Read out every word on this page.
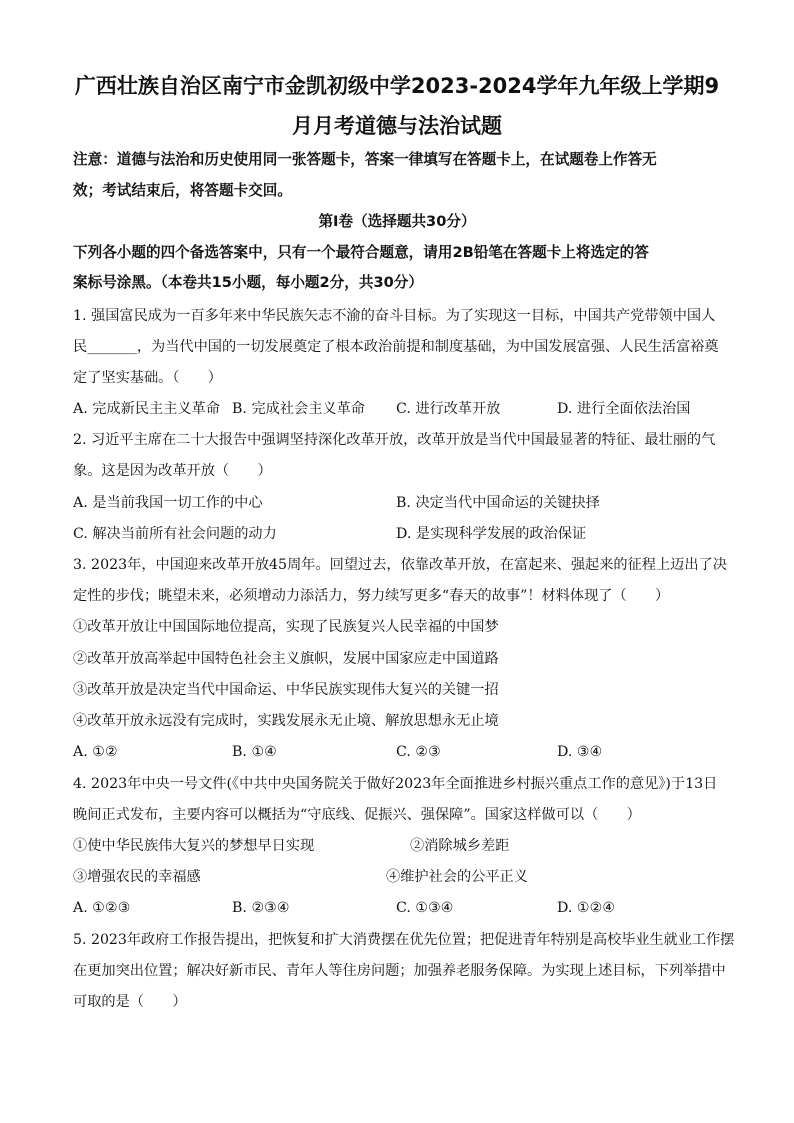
广西壮族自治区南宁市金凯初级中学2023-2024学年九年级上学期9
月月考道德与法治试题
注意：道德与法治和历史使用同一张答题卡，答案一律填写在答题卡上，在试题卷上作答无
效；考试结束后，将答题卡交回。
第Ⅰ卷（选择题共30分）
下列各小题的四个备选答案中，只有一个最符合题意，请用2B铅笔在答题卡上将选定的答
案标号涂黑。（本卷共15小题，每小题2分，共30分）
1. 强国富民成为一百多年来中华民族矢志不渝的奋斗目标。为了实现这一目标，中国共产党带领中国人
民_______，为当代中国的一切发展奠定了根本政治前提和制度基础，为中国发展富强、人民生活富裕奠
定了坚实基础。（　　）
A. 完成新民主主义革命 B. 完成社会主义革命 C. 进行改革开放	D. 进行全面依法治国
2. 习近平主席在二十大报告中强调坚持深化改革开放，改革开放是当代中国最显著的特征、最壮丽的气
象。这是因为改革开放（　　）
A. 是当前我国一切工作的中心	B. 决定当代中国命运的关键抉择
C. 解决当前所有社会问题的动力	D. 是实现科学发展的政治保证
3. 2023年，中国迎来改革开放45周年。回望过去，依靠改革开放，在富起来、强起来的征程上迈出了决
定性的步伐；眺望未来，必须增动力添活力，努力续写更多“春天的故事”！材料体现了（　　）
①改革开放让中国国际地位提高，实现了民族复兴人民幸福的中国梦
②改革开放高举起中国特色社会主义旗帜，发展中国家应走中国道路
③改革开放是决定当代中国命运、中华民族实现伟大复兴的关键一招
④改革开放永远没有完成时，实践发展永无止境、解放思想永无止境
A. ①②	B. ①④	C. ②③	D. ③④
4. 2023年中央一号文件(《中共中央国务院关于做好2023年全面推进乡村振兴重点工作的意见》)于13日
晚间正式发布，主要内容可以概括为“守底线、促振兴、强保障”。国家这样做可以（　　）
①使中华民族伟大复兴的梦想早日实现	②消除城乡差距
③增强农民的幸福感	④维护社会的公平正义
A. ①②③	B. ②③④	C. ①③④	D. ①②④
5. 2023年政府工作报告提出，把恢复和扩大消费摆在优先位置；把促进青年特别是高校毕业生就业工作摆
在更加突出位置；解决好新市民、青年人等住房问题；加强养老服务保障。为实现上述目标，下列举措中
可取的是（　　）
